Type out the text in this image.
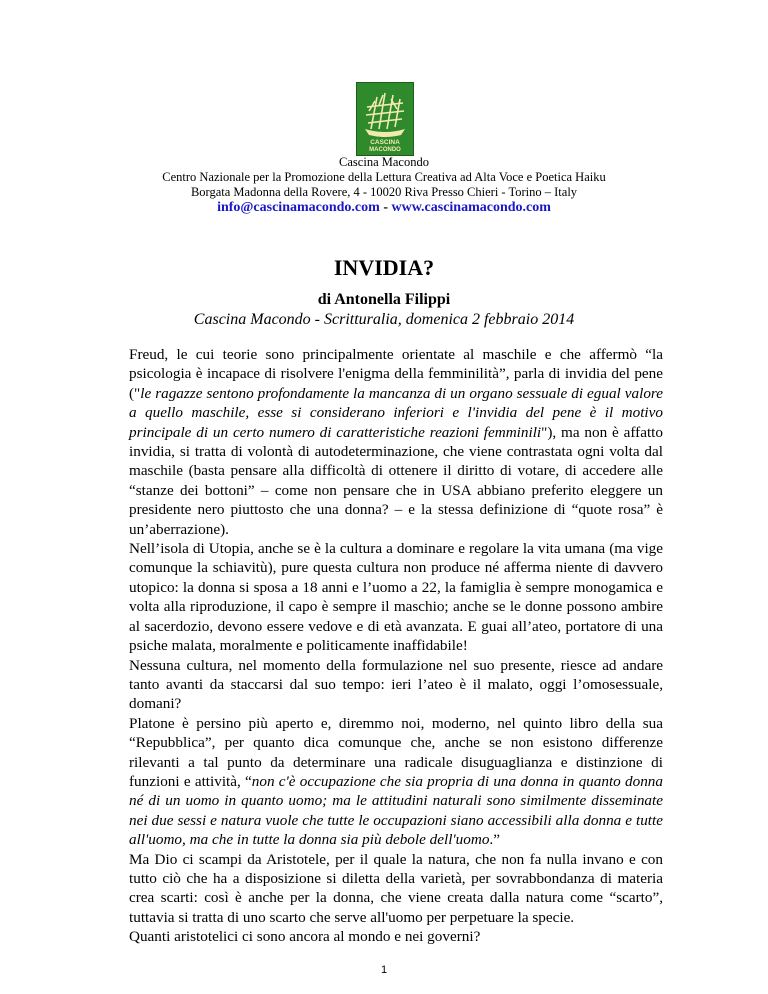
CASCINA
MACONDO
Cascina Macondo
Centro Nazionale per la Promozione della Lettura Creativa ad Alta Voce e Poetica Haiku
Borgata Madonna della Rovere, 4 - 10020 Riva Presso Chieri - Torino – Italy
info@cascinamacondo.com - www.cascinamacondo.com
INVIDIA?
di Antonella Filippi
Cascina Macondo - Scritturalia, domenica 2 febbraio 2014

Freud, le cui teorie sono principalmente orientate al maschile e che affermò “la psicologia è incapace di risolvere l'enigma della femminilità”, parla di invidia del pene ("le ragazze sentono profondamente la mancanza di un organo sessuale di egual valore a quello maschile, esse si considerano inferiori e l'invidia del pene è il motivo principale di un certo numero di caratteristiche reazioni femminili"), ma non è affatto invidia, si tratta di volontà di autodeterminazione, che viene contrastata ogni volta dal maschile (basta pensare alla difficoltà di ottenere il diritto di votare, di accedere alle “stanze dei bottoni” – come non pensare che in USA abbiano preferito eleggere un presidente nero piuttosto che una donna? – e la stessa definizione di “quote rosa” è un’aberrazione).

Nell’isola di Utopia, anche se è la cultura a dominare e regolare la vita umana (ma vige comunque la schiavitù), pure questa cultura non produce né afferma niente di davvero utopico: la donna si sposa a 18 anni e l’uomo a 22, la famiglia è sempre monogamica e volta alla riproduzione, il capo è sempre il maschio; anche se le donne possono ambire al sacerdozio, devono essere vedove e di età avanzata. E guai all’ateo, portatore di una psiche malata, moralmente e politicamente inaffidabile!

Nessuna cultura, nel momento della formulazione nel suo presente, riesce ad andare tanto avanti da staccarsi dal suo tempo: ieri l’ateo è il malato, oggi l’omosessuale, domani?

Platone è persino più aperto e, diremmo noi, moderno, nel quinto libro della sua “Repubblica”, per quanto dica comunque che, anche se non esistono differenze rilevanti a tal punto da determinare una radicale disuguaglianza e distinzione di funzioni e attività, “non c'è occupazione che sia propria di una donna in quanto donna né di un uomo in quanto uomo; ma le attitudini naturali sono similmente disseminate nei due sessi e natura vuole che tutte le occupazioni siano accessibili alla donna e tutte all'uomo, ma che in tutte la donna sia più debole dell'uomo.”

Ma Dio ci scampi da Aristotele, per il quale la natura, che non fa nulla invano e con tutto ciò che ha a disposizione si diletta della varietà, per sovrabbondanza di materia crea scarti: così è anche per la donna, che viene creata dalla natura come “scarto”, tuttavia si tratta di uno scarto che serve all'uomo per perpetuare la specie.

Quanti aristotelici ci sono ancora al mondo e nei governi?

1
